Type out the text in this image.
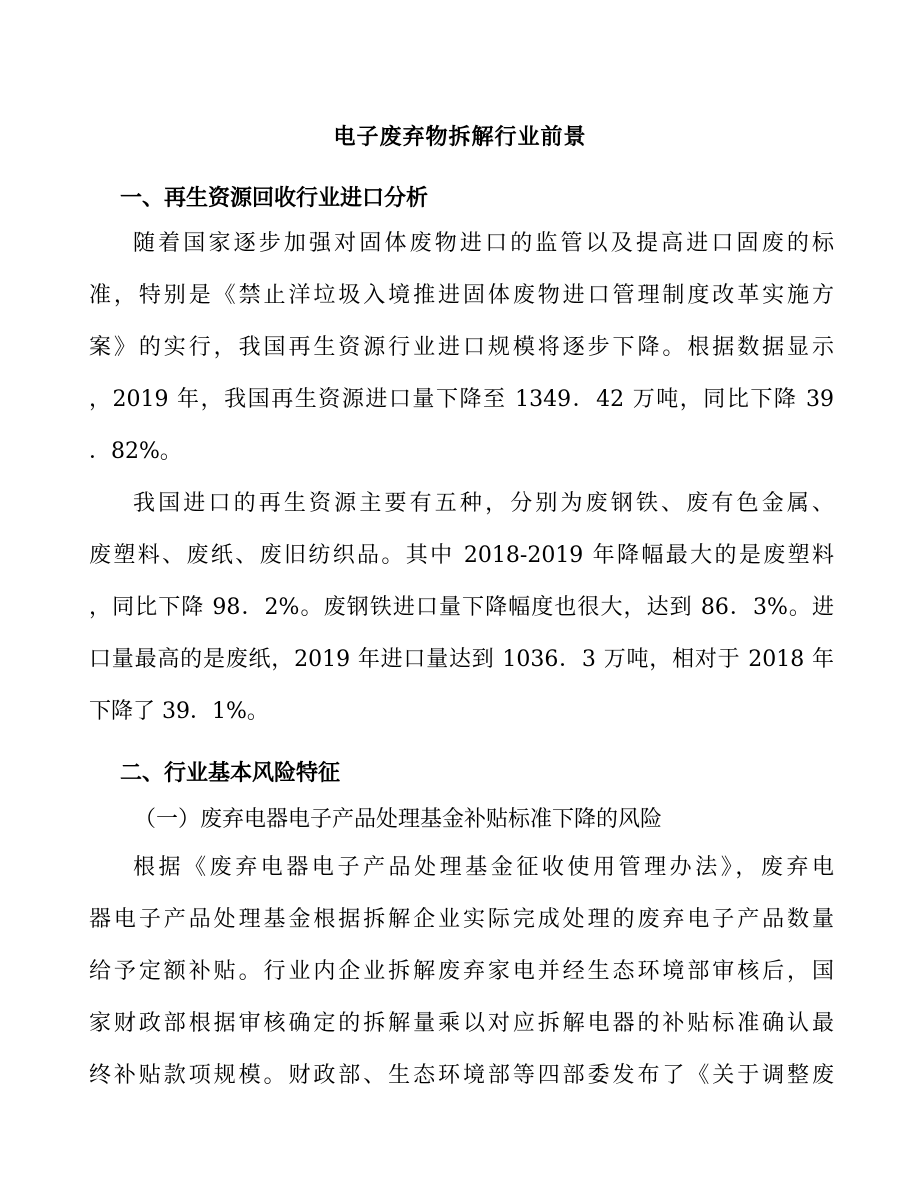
电子废弃物拆解行业前景
一、再生资源回收行业进口分析
随着国家逐步加强对固体废物进口的监管以及提高进口固废的标
准，特别是《禁止洋垃圾入境推进固体废物进口管理制度改革实施方
案》的实行，我国再生资源行业进口规模将逐步下降。根据数据显示
，2019 年，我国再生资源进口量下降至 1349．42 万吨，同比下降 39
．82%。
我国进口的再生资源主要有五种，分别为废钢铁、废有色金属、
废塑料、废纸、废旧纺织品。其中 2018-2019 年降幅最大的是废塑料
，同比下降 98．2%。废钢铁进口量下降幅度也很大，达到 86．3%。进
口量最高的是废纸，2019 年进口量达到 1036．3 万吨，相对于 2018 年
下降了 39．1%。
二、行业基本风险特征
（一）废弃电器电子产品处理基金补贴标准下降的风险
根据《废弃电器电子产品处理基金征收使用管理办法》，废弃电
器电子产品处理基金根据拆解企业实际完成处理的废弃电子产品数量
给予定额补贴。行业内企业拆解废弃家电并经生态环境部审核后，国
家财政部根据审核确定的拆解量乘以对应拆解电器的补贴标准确认最
终补贴款项规模。财政部、生态环境部等四部委发布了《关于调整废
